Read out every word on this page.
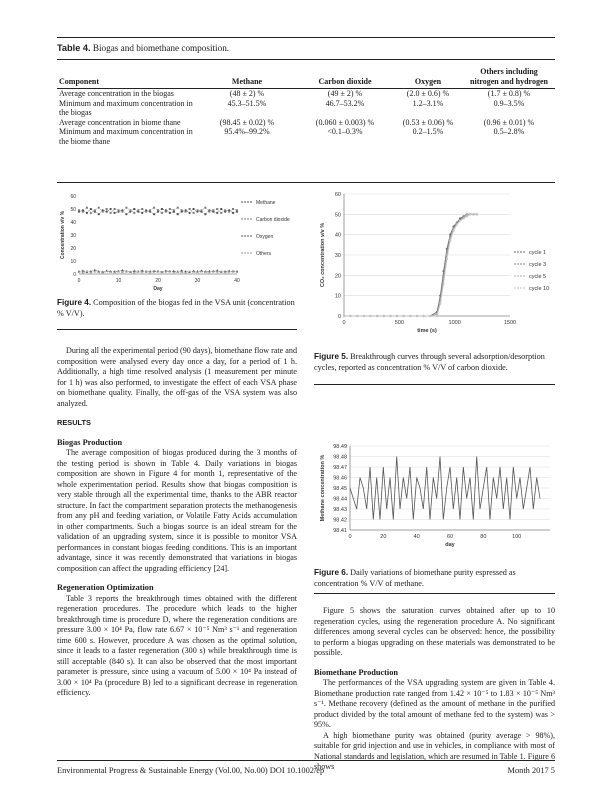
Table 4. Biogas and biomethane composition.
Component	Methane	Carbon dioxide	Oxygen	Others including nitrogen and hydrogen
Average concentration in the biogas	(48 ± 2) %	(49 ± 2) %	(2.0 ± 0.6) %	(1.7 ± 0.8) %
Minimum and maximum concentration in the biogas	45.3–51.5%	46.7–53.2%	1.2–3.1%	0.9–3.5%
Average concentration in biome thane	(98.45 ± 0.02) %	(0.060 ± 0.003) %	(0.53 ± 0.06) %	(0.96 ± 0.01) %
Minimum and maximum concentration in the biome thane	95.4%–99.2%	<0.1–0.3%	0.2–1.5%	0.5–2.8%
0	10	20	30	40
0
10
20
30
40
50
60
Day
Concentration v/v %
Methane
Carbon dioxide
Oxygen
Others
Figure 4. Composition of the biogas fed in the VSA unit (concentration % V/V).
0	500	1000	1500
0
10
20
30
40
50
60
time (s)
CO₂ concentration v/v %	cycle 1
cycle 3
cycle 5
cycle 10
Figure 5. Breakthrough curves through several adsorption/desorption cycles, reported as concentration % V/V of carbon dioxide.
0	20	40	60	80	100
98.41
98.42
98.43
98.44
98.45
98.46
98.47
98.48
98.49
day
Methane concentration %
Figure 6. Daily variations of biomethane purity espressed as concentration % V/V of methane.

During all the experimental period (90 days), biomethane flow rate and composition were analysed every day once a day, for a period of 1 h. Additionally, a high time resolved analysis (1 measurement per minute for 1 h) was also performed, to investigate the effect of each VSA phase on biomethane quality. Finally, the off-gas of the VSA system was also analyzed.

RESULTS
Biogas Production

The average composition of biogas produced during the 3 months of the testing period is shown in Table 4. Daily variations in biogas composition are shown in Figure 4 for month 1, representative of the whole experimentation period. Results show that biogas composition is very stable through all the experimental time, thanks to the ABR reactor structure. In fact the compartment separation protects the methanogenesis from any pH and feeding variation, or Volatile Fatty Acids accumulation in other compartments. Such a biogas source is an ideal stream for the validation of an upgrading system, since it is possible to monitor VSA performances in constant biogas feeding conditions. This is an important advantage, since it was recently demonstrated that variations in biogas composition can affect the upgrading efficiency [24].

Regeneration Optimization

Table 3 reports the breakthrough times obtained with the different regeneration procedures. The procedure which leads to the higher breakthrough time is procedure D, where the regeneration conditions are pressure 3.00 × 10⁴ Pa, flow rate 6.67 × 10⁻⁵ Nm³ s⁻¹ and regeneration time 600 s. However, procedure A was chosen as the optimal solution, since it leads to a faster regeneration (300 s) while breakthrough time is still acceptable (840 s). It can also be observed that the most important parameter is pressure, since using a vacuum of 5.00 × 10⁴ Pa instead of 3.00 × 10⁴ Pa (procedure B) led to a significant decrease in regeneration efficiency.

Figure 5 shows the saturation curves obtained after up to 10 regeneration cycles, using the regeneration procedure A. No significant differences among several cycles can be observed: hence, the possibility to perform a biogas upgrading on these materials was demonstrated to be possible.

Biomethane Production

The performances of the VSA upgrading system are given in Table 4. Biomethane production rate ranged from 1.42 × 10⁻⁵ to 1.83 × 10⁻⁵ Nm³ s⁻¹. Methane recovery (defined as the amount of methane in the purified product divided by the total amount of methane fed to the system) was > 95%.

A high biomethane purity was obtained (purity average > 98%), suitable for grid injection and use in vehicles, in compliance with most of National standards and legislation, which are resumed in Table 1. Figure 6 shows

Environmental Progress & Sustainable Energy (Vol.00, No.00) DOI 10.1002/ep	Month 2017 5
